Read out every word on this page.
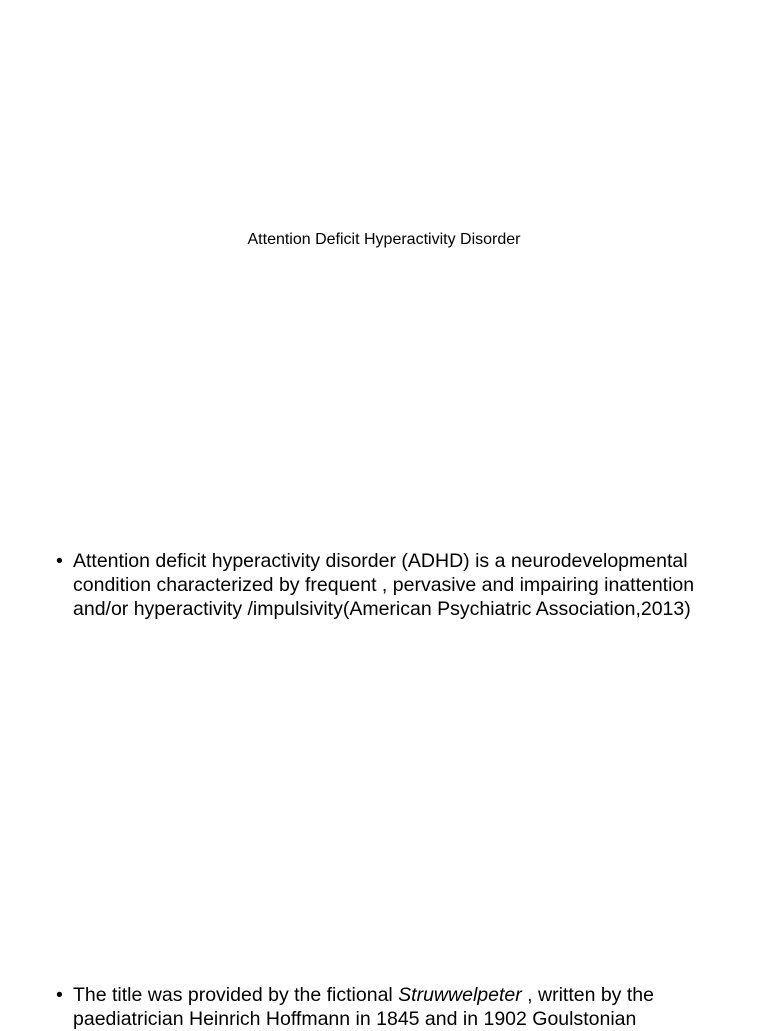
Attention Deficit Hyperactivity Disorder
• Attention deficit hyperactivity disorder (ADHD) is a neurodevelopmental condition characterized by frequent , pervasive and impairing inattention and/or hyperactivity /impulsivity(American Psychiatric Association,2013)
• The title was provided by the fictional Struwwelpeter , written by the paediatrician Heinrich Hoffmann in 1845 and in 1902 Goulstonian
